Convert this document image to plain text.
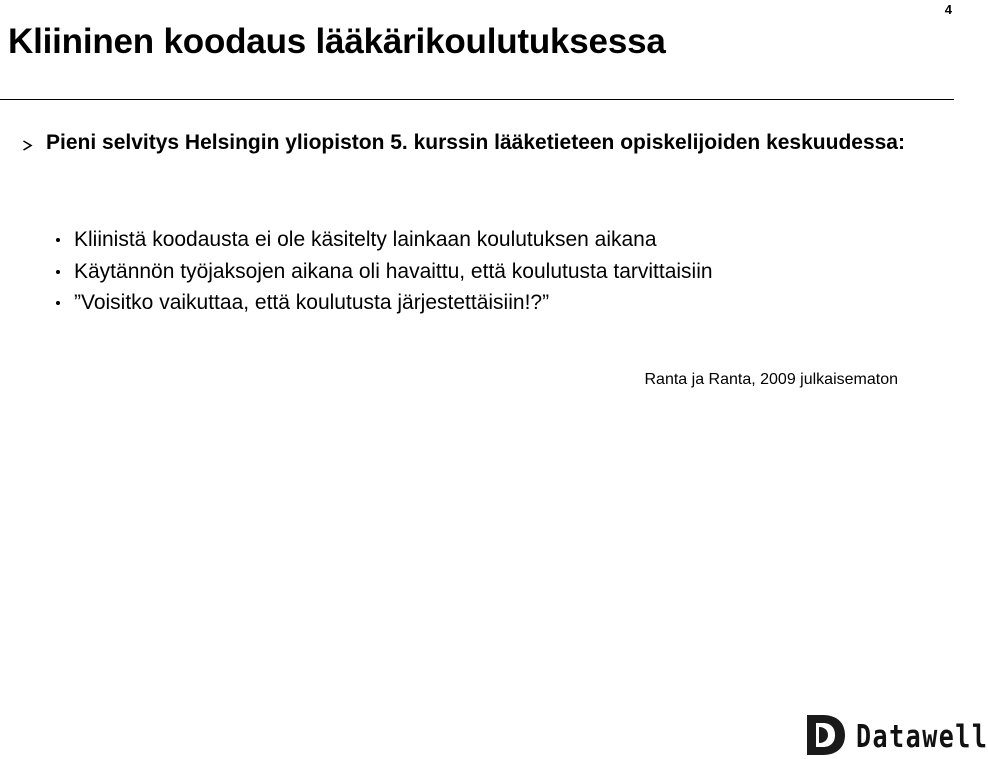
4
Kliininen koodaus lääkärikoulutuksessa

Pieni selvitys Helsingin yliopiston 5. kurssin lääketieteen opiskelijoiden keskuudessa:

Kliinistä koodausta ei ole käsitelty lainkaan koulutuksen aikana
Käytännön työjaksojen aikana oli havaittu, että koulutusta tarvittaisiin
”Voisitko vaikuttaa, että koulutusta järjestettäisiin!?”
Ranta ja Ranta, 2009 julkaisematon
Datawell
